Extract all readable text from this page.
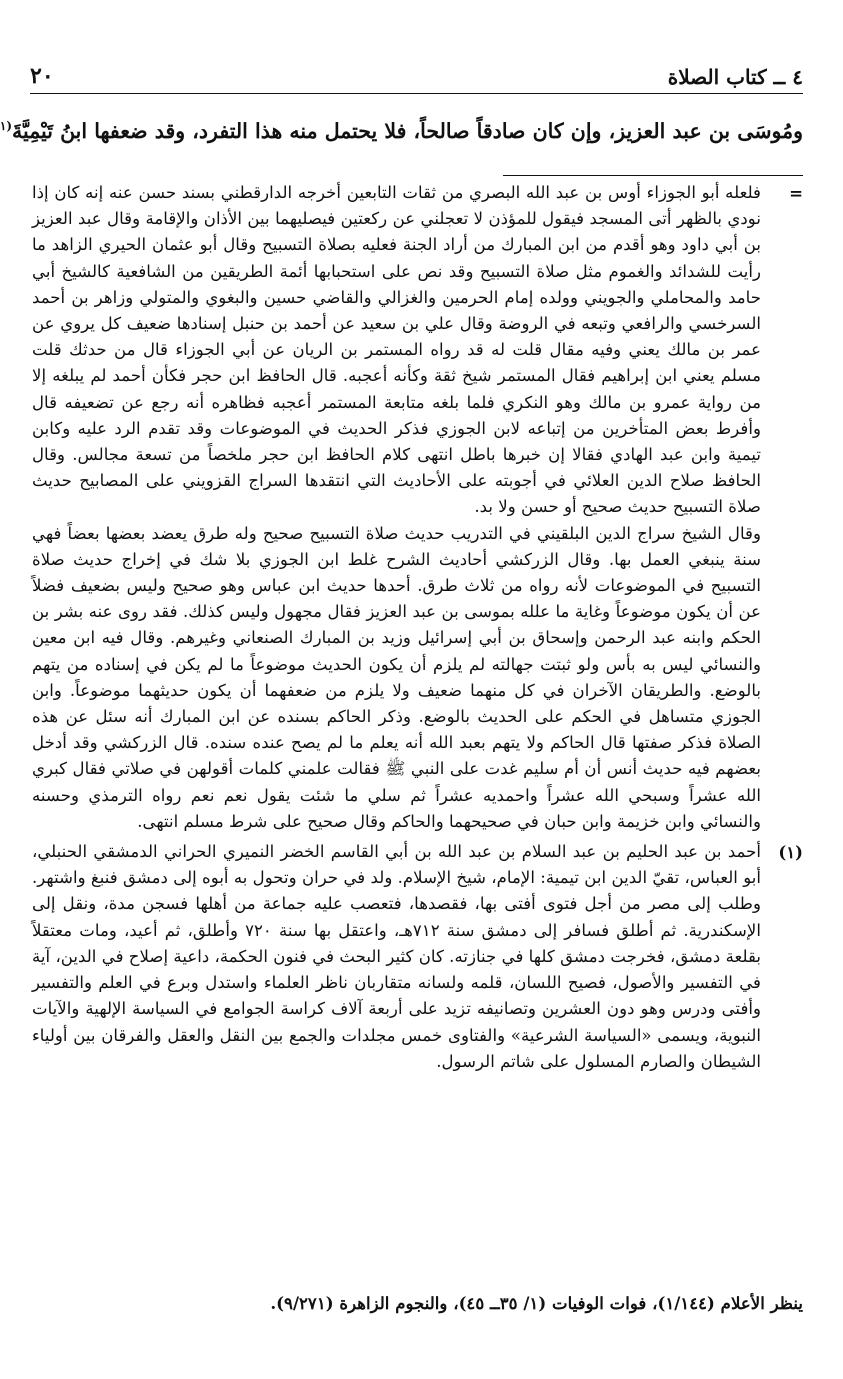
٤ ــ كتاب الصلاة
٢٠
ومُوسَى بن عبد العزيز، وإن كان صادقاً صالحاً، فلا يحتمل منه هذا التفرد، وقد ضعفها ابنُ تَيْمِيَّةَ$^{(١}$
=

فلعله أبو الجوزاء أوس بن عبد الله البصري من ثقات التابعين أخرجه الدارقطني بسند حسن عنه إنه كان إذا نودي بالظهر أتى المسجد فيقول للمؤذن لا تعجلني عن ركعتين فيصليهما بين الأذان والإقامة وقال عبد العزيز بن أبي داود وهو أقدم من ابن المبارك من أراد الجنة فعليه بصلاة التسبيح وقال أبو عثمان الحيري الزاهد ما رأيت للشدائد والغموم مثل صلاة التسبيح وقد نص على استحبابها أئمة الطريقين من الشافعية كالشيخ أبي حامد والمحاملي والجويني وولده إمام الحرمين والغزالي والقاضي حسين والبغوي والمتولي وزاهر بن أحمد السرخسي والرافعي وتبعه في الروضة وقال علي بن سعيد عن أحمد بن حنبل إسنادها ضعيف كل يروي عن عمر بن مالك يعني وفيه مقال قلت له قد رواه المستمر بن الريان عن أبي الجوزاء قال من حدثك قلت مسلم يعني ابن إبراهيم فقال المستمر شيخ ثقة وكأنه أعجبه. قال الحافظ ابن حجر فكأن أحمد لم يبلغه إلا من رواية عمرو بن مالك وهو النكري فلما بلغه متابعة المستمر أعجبه فظاهره أنه رجع عن تضعيفه قال وأفرط بعض المتأخرين من إتباعه لابن الجوزي فذكر الحديث في الموضوعات وقد تقدم الرد عليه وكابن تيمية وابن عبد الهادي فقالا إن خبرها باطل انتهى كلام الحافظ ابن حجر ملخصاً من تسعة مجالس. وقال الحافظ صلاح الدين العلائي في أجوبته على الأحاديث التي انتقدها السراج القزويني على المصابيح حديث صلاة التسبيح حديث صحيح أو حسن ولا بد.

وقال الشيخ سراج الدين البلقيني في التدريب حديث صلاة التسبيح صحيح وله طرق يعضد بعضها بعضاً فهي سنة ينبغي العمل بها. وقال الزركشي أحاديث الشرح غلط ابن الجوزي بلا شك في إخراج حديث صلاة التسبيح في الموضوعات لأنه رواه من ثلاث طرق. أحدها حديث ابن عباس وهو صحيح وليس بضعيف فضلاً عن أن يكون موضوعاً وغاية ما علله بموسى بن عبد العزيز فقال مجهول وليس كذلك. فقد روى عنه بشر بن الحكم وابنه عبد الرحمن وإسحاق بن أبي إسرائيل وزيد بن المبارك الصنعاني وغيرهم. وقال فيه ابن معين والنسائي ليس به بأس ولو ثبتت جهالته لم يلزم أن يكون الحديث موضوعاً ما لم يكن في إسناده من يتهم بالوضع. والطريقان الآخران في كل منهما ضعيف ولا يلزم من ضعفهما أن يكون حديثهما موضوعاً. وابن الجوزي متساهل في الحكم على الحديث بالوضع. وذكر الحاكم بسنده عن ابن المبارك أنه سئل عن هذه الصلاة فذكر صفتها قال الحاكم ولا يتهم بعبد الله أنه يعلم ما لم يصح عنده سنده. قال الزركشي وقد أدخل بعضهم فيه حديث أنس أن أم سليم غدت على النبي ﷺ فقالت علمني كلمات أقولهن في صلاتي فقال كبري الله عشراً وسبحي الله عشراً واحمديه عشراً ثم سلي ما شئت يقول نعم نعم رواه الترمذي وحسنه والنسائي وابن خزيمة وابن حبان في صحيحهما والحاكم وقال صحيح على شرط مسلم انتهى.

(١)

أحمد بن عبد الحليم بن عبد السلام بن عبد الله بن أبي القاسم الخضر النميري الحراني الدمشقي الحنبلي، أبو العباس، تقيّ الدين ابن تيمية: الإمام، شيخ الإسلام. ولد في حران وتحول به أبوه إلى دمشق فنبغ واشتهر. وطلب إلى مصر من أجل فتوى أفتى بها، فقصدها، فتعصب عليه جماعة من أهلها فسجن مدة، ونقل إلى الإسكندرية. ثم أطلق فسافر إلى دمشق سنة ٧١٢هـ، واعتقل بها سنة ٧٢٠ وأطلق، ثم أعيد، ومات معتقلاً بقلعة دمشق، فخرجت دمشق كلها في جنازته. كان كثير البحث في فنون الحكمة، داعية إصلاح في الدين، آية في التفسير والأصول، فصيح اللسان، قلمه ولسانه متقاربان ناظر العلماء واستدل وبرع في العلم والتفسير وأفتى ودرس وهو دون العشرين وتصانيفه تزيد على أربعة آلاف كراسة الجوامع في السياسة الإلهية والآيات النبوية، ويسمى «السياسة الشرعية» والفتاوى خمس مجلدات والجمع بين النقل والعقل والفرقان بين أولياء الشيطان والصارم المسلول على شاتم الرسول.

ينظر الأعلام (١/١٤٤)، فوات الوفيات (١/ ٣٥ــ ٤٥)، والنجوم الزاهرة (٩/٢٧١).
